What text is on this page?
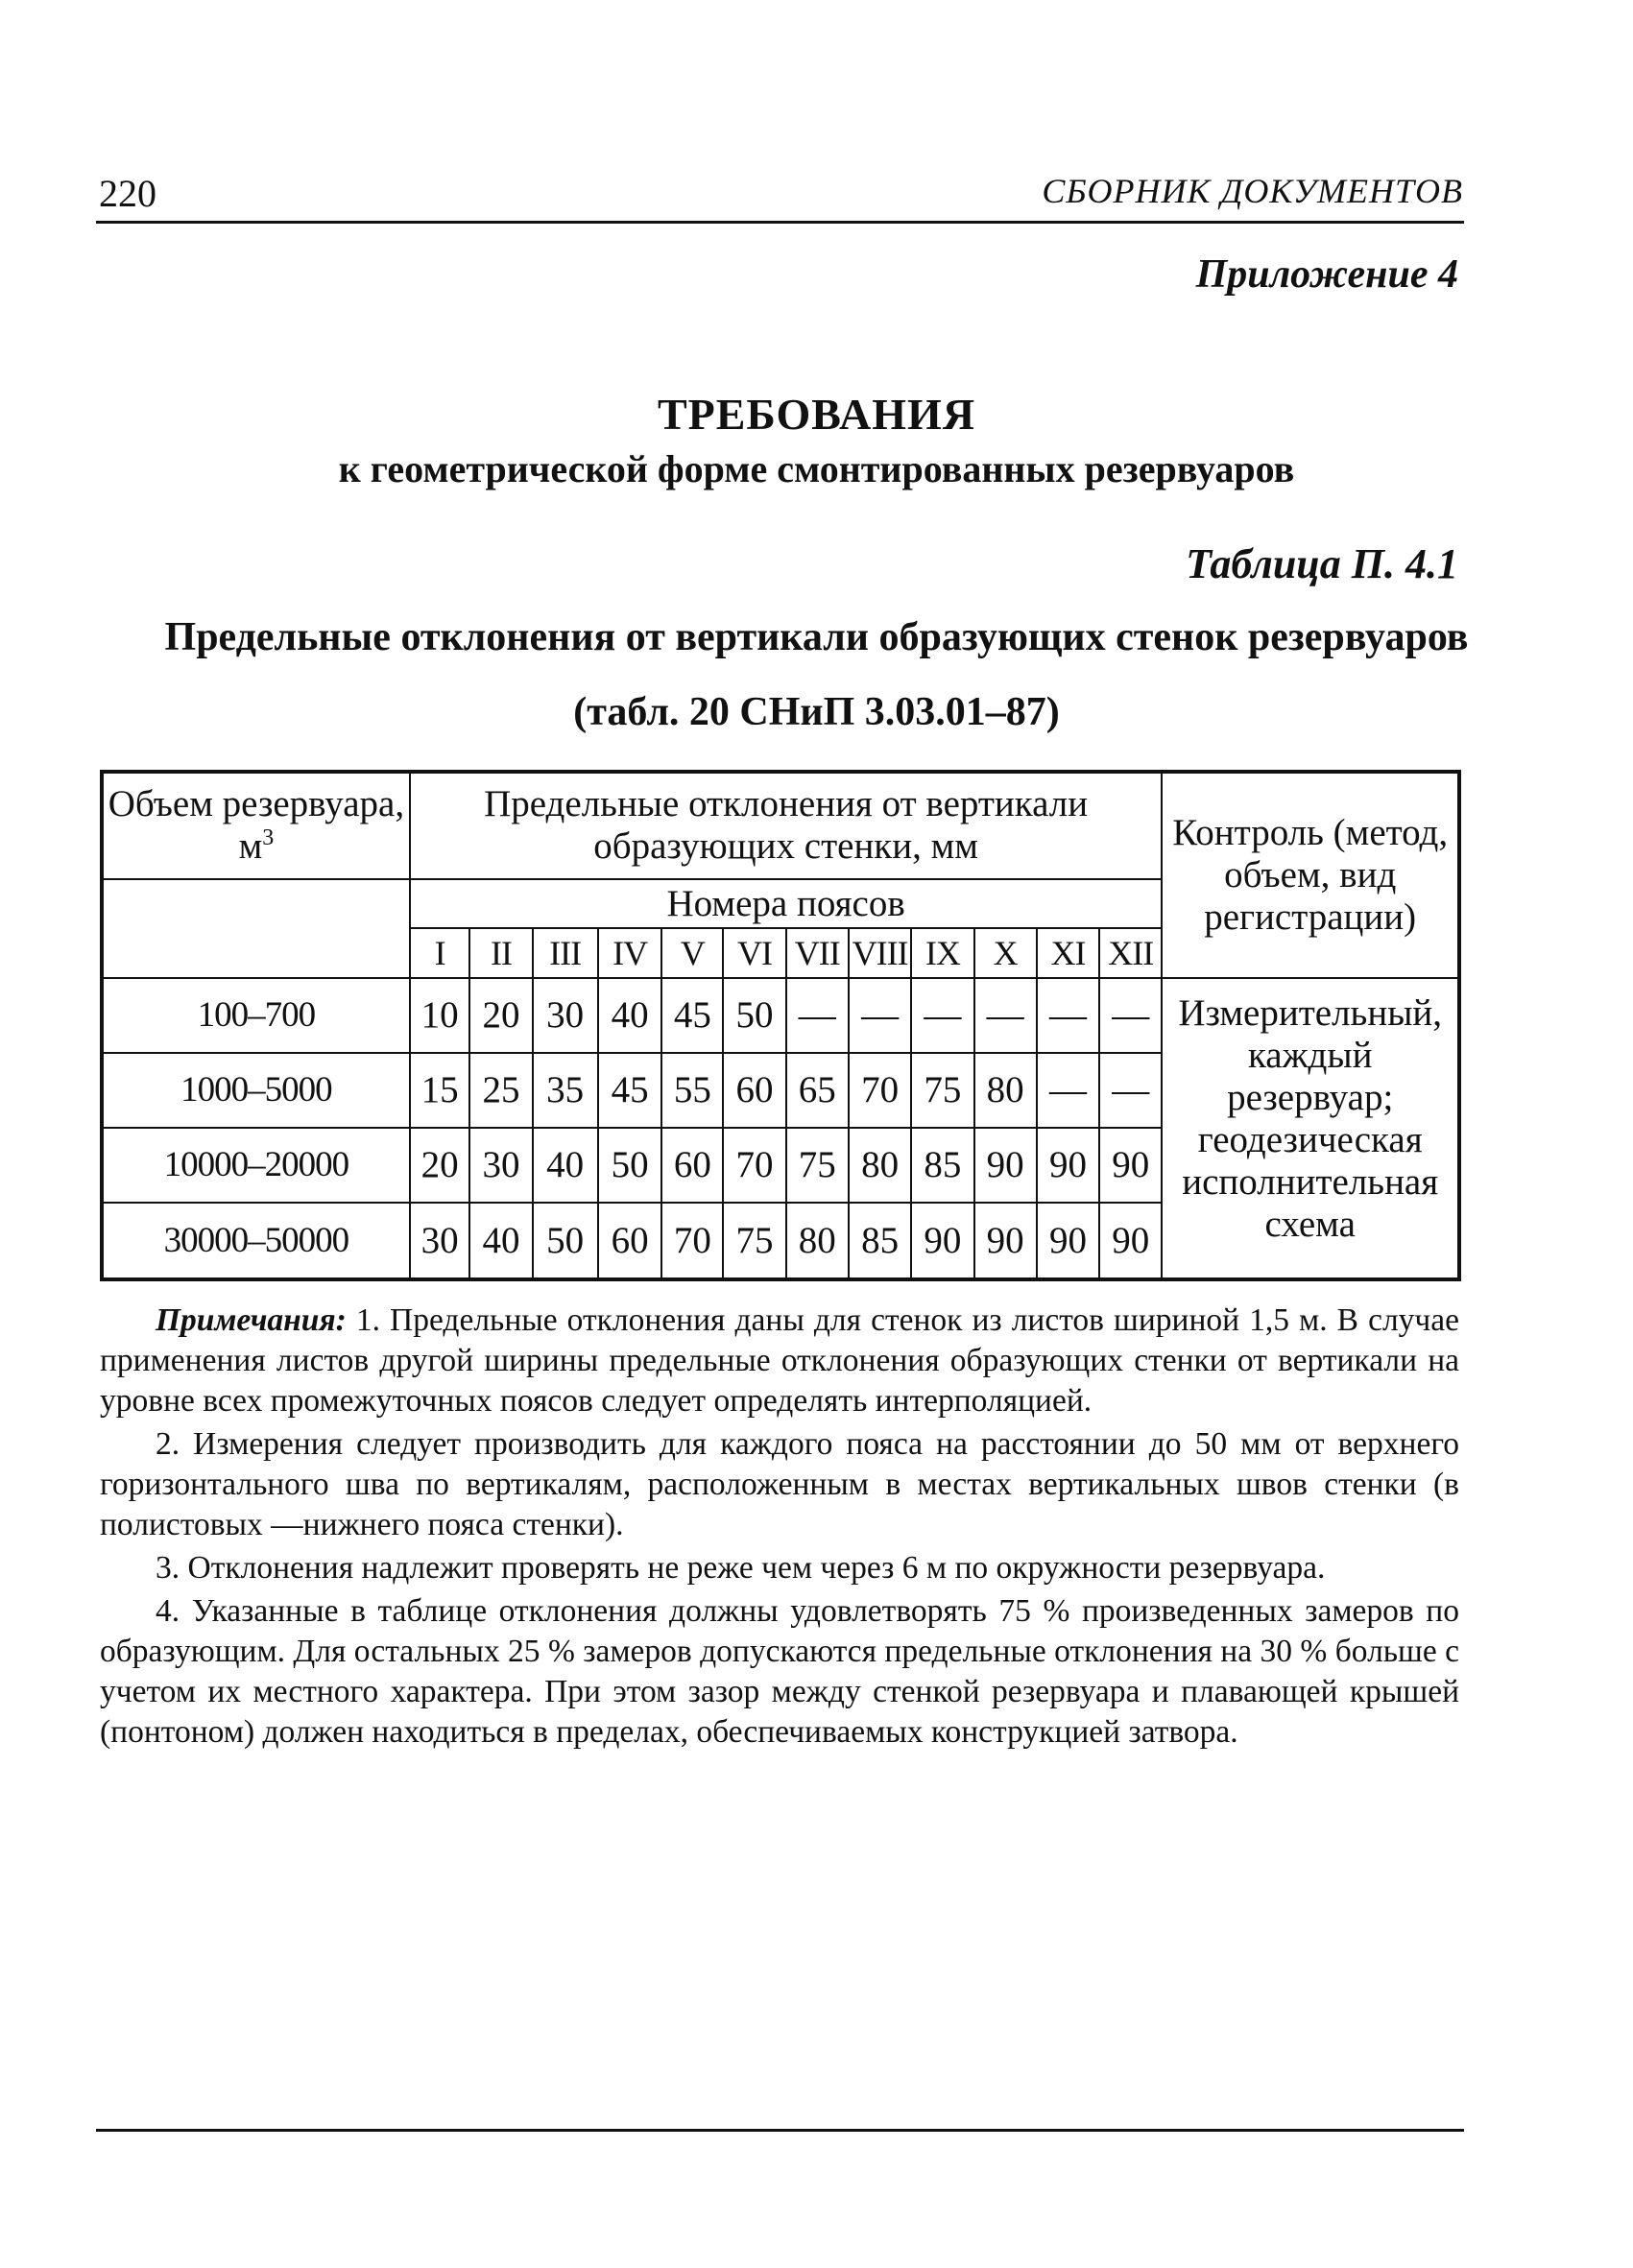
220	СБОРНИК ДОКУМЕНТОВ
Приложение 4
ТРЕБОВАНИЯ
к геометрической форме смонтированных резервуаров
Таблица П. 4.1
Предельные отклонения от вертикали образующих стенок резервуаров
(табл. 20 СНиП 3.03.01–87)
Объем резервуара, $м^3$	Предельные отклонения от вертикали образующих стенки, мм												Контроль (метод, объем, вид регистрации)
	Номера поясов												
	I	II	III	IV	V	VI	VII	VIII	IX	X	XI	XII	
100–700	10	20	30	40	45	50	—	—	—	—	—	—	Измерительный, каждый резервуар; геодезическая исполнительная схема
1000–5000	15	25	35	45	55	60	65	70	75	80	—	—	
10000–20000	20	30	40	50	60	70	75	80	85	90	90	90	
30000–50000	30	40	50	60	70	75	80	85	90	90	90	90	

Примечания: 1. Предельные отклонения даны для стенок из листов шириной 1,5 м. В случае применения листов другой ширины предельные отклонения образующих стенки от вертикали на уровне всех промежуточных поясов следует определять интерполяцией.

2. Измерения следует производить для каждого пояса на расстоянии до 50 мм от верхнего горизонтального шва по вертикалям, расположенным в местах вертикальных швов стенки (в полистовых —нижнего пояса стенки).

3. Отклонения надлежит проверять не реже чем через 6 м по окружности резервуара.

4. Указанные в таблице отклонения должны удовлетворять 75 % произведенных замеров по образующим. Для остальных 25 % замеров допускаются предельные отклонения на 30 % больше с учетом их местного характера. При этом зазор между стенкой резервуара и плавающей крышей (понтоном) должен находиться в пределах, обеспечиваемых конструкцией затвора.
